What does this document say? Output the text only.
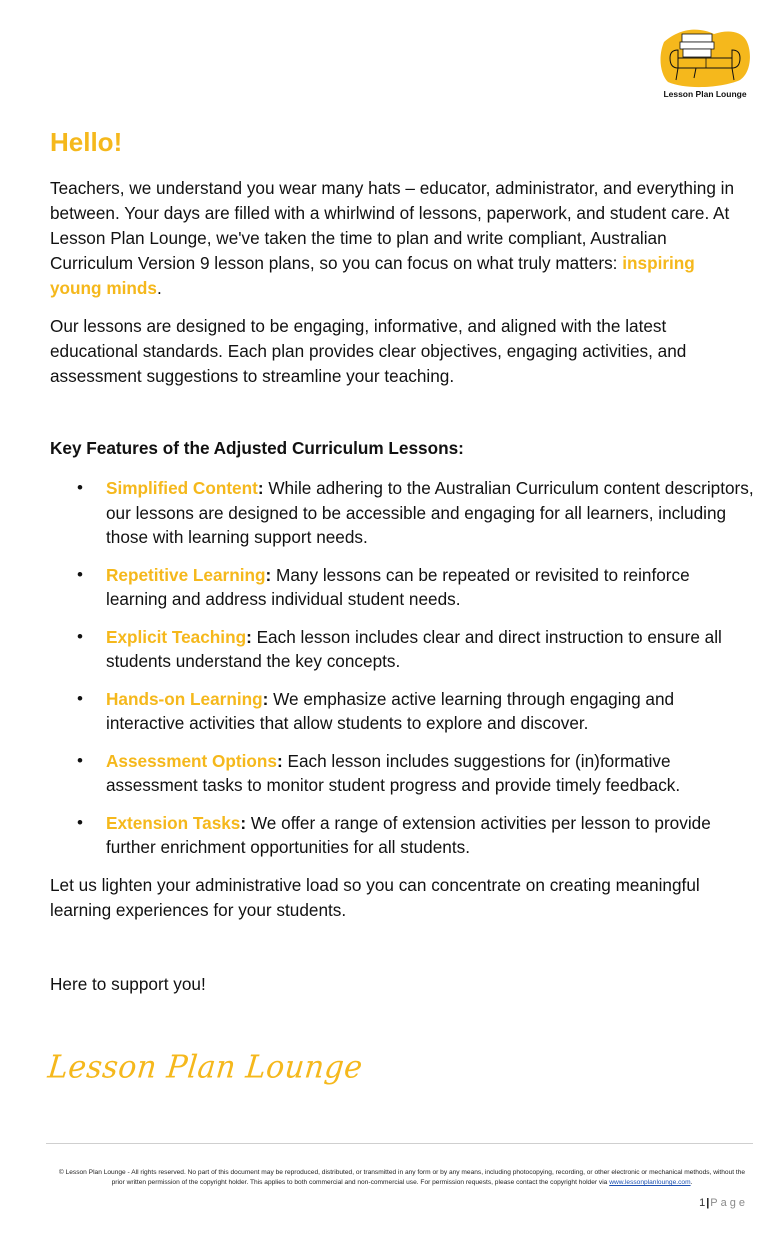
Lesson Plan Lounge
Hello!

Teachers, we understand you wear many hats – educator, administrator, and everything in between. Your days are filled with a whirlwind of lessons, paperwork, and student care. At Lesson Plan Lounge, we've taken the time to plan and write compliant, Australian Curriculum Version 9 lesson plans, so you can focus on what truly matters: inspiring young minds.

Our lessons are designed to be engaging, informative, and aligned with the latest educational standards. Each plan provides clear objectives, engaging activities, and assessment suggestions to streamline your teaching.

Key Features of the Adjusted Curriculum Lessons:
• Simplified Content: While adhering to the Australian Curriculum content descriptors, our lessons are designed to be accessible and engaging for all learners, including those with learning support needs.
• Repetitive Learning: Many lessons can be repeated or revisited to reinforce learning and address individual student needs.
• Explicit Teaching: Each lesson includes clear and direct instruction to ensure all students understand the key concepts.
• Hands-on Learning: We emphasize active learning through engaging and interactive activities that allow students to explore and discover.
• Assessment Options: Each lesson includes suggestions for (in)formative assessment tasks to monitor student progress and provide timely feedback.
• Extension Tasks: We offer a range of extension activities per lesson to provide further enrichment opportunities for all students.

Let us lighten your administrative load so you can concentrate on creating meaningful learning experiences for your students.

Here to support you!

Lesson Plan Lounge
© Lesson Plan Lounge - All rights reserved. No part of this document may be reproduced, distributed, or transmitted in any form or by any means, including photocopying, recording, or other electronic or mechanical methods, without the prior written permission of the copyright holder. This applies to both commercial and non-commercial use. For permission requests, please contact the copyright holder via www.lessonplanlounge.com.
1|Page
